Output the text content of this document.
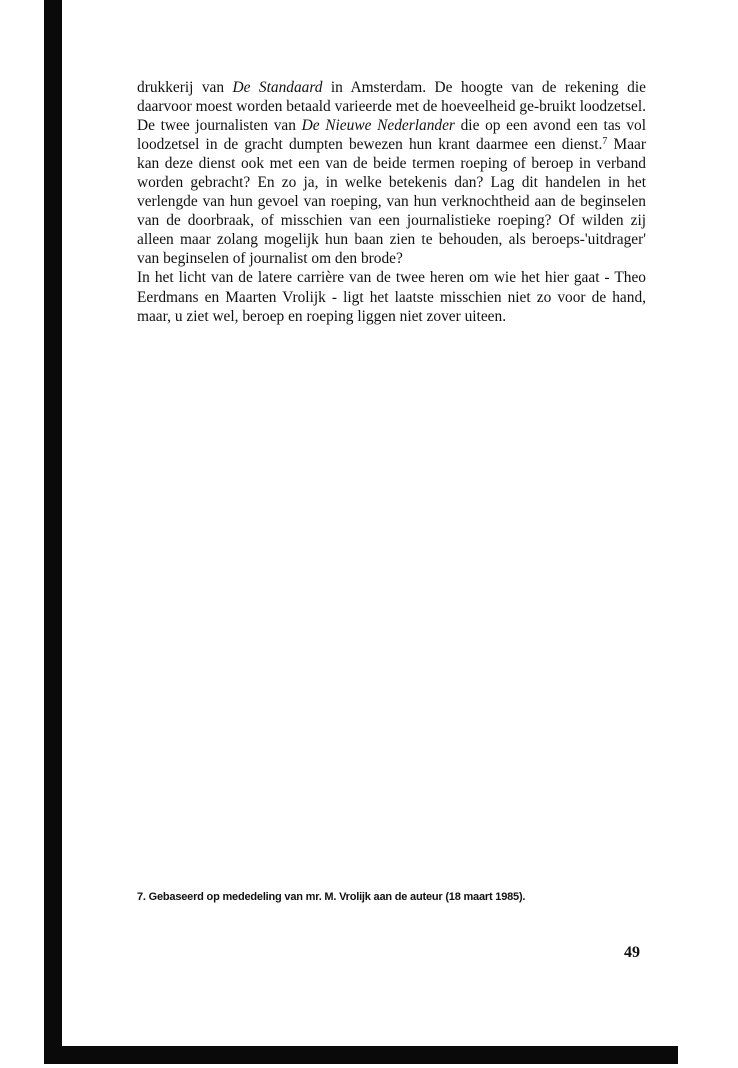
drukkerij van De Standaard in Amsterdam. De hoogte van de rekening die daarvoor moest worden betaald varieerde met de hoeveelheid ge-bruikt loodzetsel. De twee journalisten van De Nieuwe Nederlander die op een avond een tas vol loodzetsel in de gracht dumpten bewezen hun krant daarmee een dienst.$^7$ Maar kan deze dienst ook met een van de beide termen roeping of beroep in verband worden gebracht? En zo ja, in welke betekenis dan? Lag dit handelen in het verlengde van hun gevoel van roeping, van hun verknochtheid aan de beginselen van de doorbraak, of misschien van een journalistieke roeping? Of wilden zij alleen maar zolang mogelijk hun baan zien te behouden, als beroeps-'uitdrager' van beginselen of journalist om den brode?

In het licht van de latere carrière van de twee heren om wie het hier gaat - Theo Eerdmans en Maarten Vrolijk - ligt het laatste misschien niet zo voor de hand, maar, u ziet wel, beroep en roeping liggen niet zover uiteen.

7. Gebaseerd op mededeling van mr. M. Vrolijk aan de auteur (18 maart 1985).
49
